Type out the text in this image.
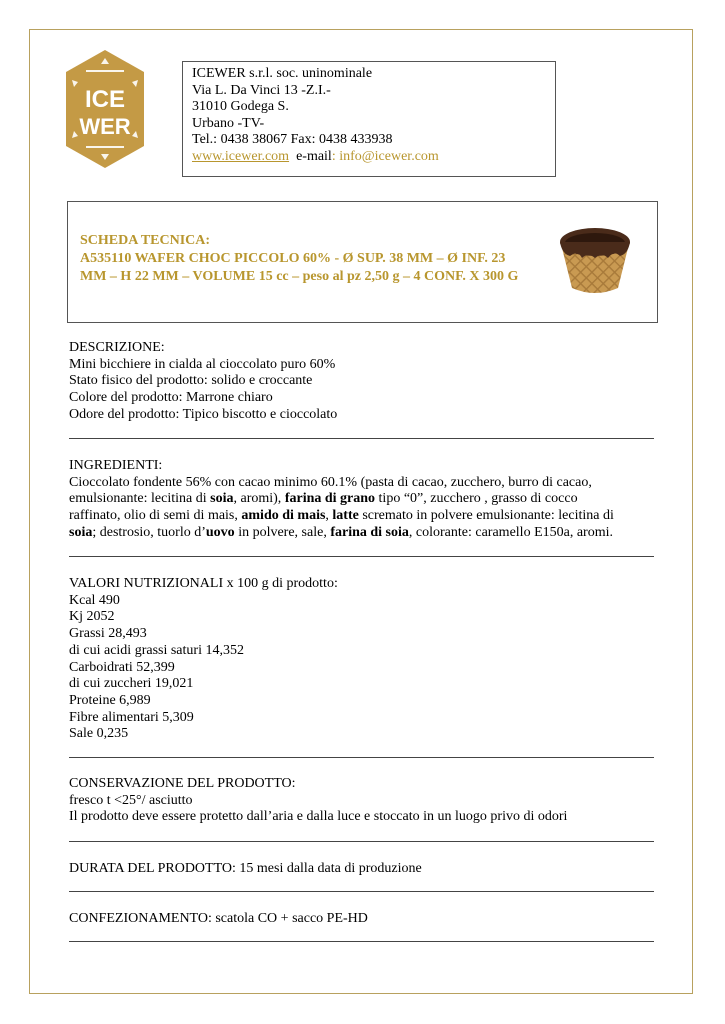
ICE
WER
ICEWER s.r.l. soc. uninominale
Via L. Da Vinci 13 -Z.I.-
31010 Godega S.
Urbano -TV-
Tel.: 0438 38067 Fax: 0438 433938
www.icewer.com e-mail: info@icewer.com
SCHEDA TECNICA:
A535110 WAFER CHOC PICCOLO 60% - Ø SUP. 38 MM – Ø INF. 23
MM – H 22 MM – VOLUME 15 cc – peso al pz 2,50 g – 4 CONF. X 300 G
DESCRIZIONE:
Mini bicchiere in cialda al cioccolato puro 60%
Stato fisico del prodotto: solido e croccante
Colore del prodotto: Marrone chiaro
Odore del prodotto: Tipico biscotto e cioccolato
INGREDIENTI:
Cioccolato fondente 56% con cacao minimo 60.1% (pasta di cacao, zucchero, burro di cacao,
emulsionante: lecitina di soia, aromi), farina di grano tipo “0”, zucchero , grasso di cocco
raffinato, olio di semi di mais, amido di mais, latte scremato in polvere emulsionante: lecitina di
soia; destrosio, tuorlo d’uovo in polvere, sale, farina di soia, colorante: caramello E150a, aromi.
VALORI NUTRIZIONALI x 100 g di prodotto:
Kcal 490
Kj 2052
Grassi 28,493
di cui acidi grassi saturi 14,352
Carboidrati 52,399
di cui zuccheri 19,021
Proteine 6,989
Fibre alimentari 5,309
Sale 0,235
CONSERVAZIONE DEL PRODOTTO:
fresco t <25°/ asciutto
Il prodotto deve essere protetto dall’aria e dalla luce e stoccato in un luogo privo di odori
DURATA DEL PRODOTTO: 15 mesi dalla data di produzione
CONFEZIONAMENTO: scatola CO + sacco PE-HD
